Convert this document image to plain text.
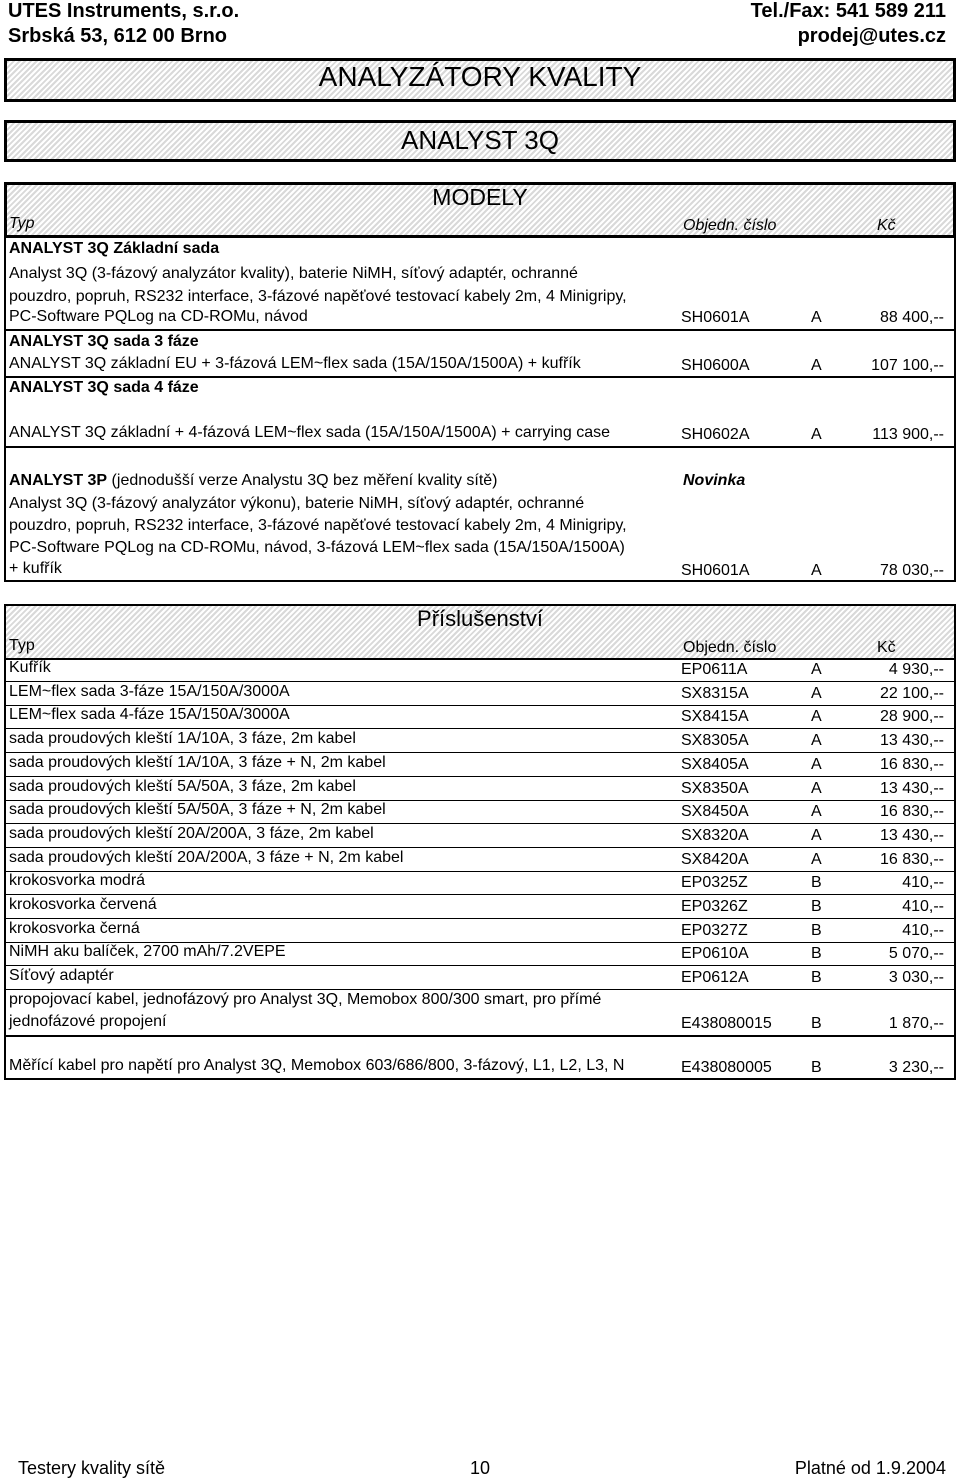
UTES Instruments, s.r.o.
Srbská 53, 612 00 Brno
Tel./Fax: 541 589 211
prodej@utes.cz
ANALYZÁTORY KVALITY
ANALYST 3Q
MODELY
Typ	Objedn. číslo	Kč
ANALYST 3Q Základní sada
Analyst 3Q (3-fázový analyzátor kvality), baterie NiMH, síťový adaptér, ochranné
pouzdro, popruh, RS232 interface, 3-fázové napěťové testovací kabely 2m, 4 Minigripy,
PC-Software PQLog na CD-ROMu, návod	SH0601A	A	88 400,--
ANALYST 3Q sada 3 fáze
ANALYST 3Q základní EU + 3-fázová LEM~flex sada (15A/150A/1500A) + kufřík	SH0600A	A	107 100,--
ANALYST 3Q sada 4 fáze
ANALYST 3Q základní + 4-fázová LEM~flex sada (15A/150A/1500A) + carrying case	SH0602A	A	113 900,--
ANALYST 3P (jednodušší verze Analystu 3Q bez měření kvality sítě)	Novinka
Analyst 3Q (3-fázový analyzátor výkonu), baterie NiMH, síťový adaptér, ochranné
pouzdro, popruh, RS232 interface, 3-fázové napěťové testovací kabely 2m, 4 Minigripy,
PC-Software PQLog na CD-ROMu, návod, 3-fázová LEM~flex sada (15A/150A/1500A)
+ kufřík	SH0601A	A	78 030,--
Příslušenství
Typ	Objedn. číslo	Kč
Kufřík	EP0611A	A	4 930,--
LEM~flex sada 3-fáze 15A/150A/3000A	SX8315A	A	22 100,--
LEM~flex sada 4-fáze 15A/150A/3000A	SX8415A	A	28 900,--
sada proudových kleští 1A/10A, 3 fáze, 2m kabel	SX8305A	A	13 430,--
sada proudových kleští 1A/10A, 3 fáze + N, 2m kabel	SX8405A	A	16 830,--
sada proudových kleští 5A/50A, 3 fáze, 2m kabel	SX8350A	A	13 430,--
sada proudových kleští 5A/50A, 3 fáze + N, 2m kabel	SX8450A	A	16 830,--
sada proudových kleští 20A/200A, 3 fáze, 2m kabel	SX8320A	A	13 430,--
sada proudových kleští 20A/200A, 3 fáze + N, 2m kabel	SX8420A	A	16 830,--
krokosvorka modrá	EP0325Z	B	410,--
krokosvorka červená	EP0326Z	B	410,--
krokosvorka černá	EP0327Z	B	410,--
NiMH aku balíček, 2700 mAh/7.2VEPE	EP0610A	B	5 070,--
Síťový adaptér	EP0612A	B	3 030,--
propojovací kabel, jednofázový pro Analyst 3Q, Memobox 800/300 smart, pro přímé
jednofázové propojení	E438080015 B	1 870,--
Měřící kabel pro napětí pro Analyst 3Q, Memobox 603/686/800, 3-fázový, L1, L2, L3, N	E438080005 B	3 230,--
Testery kvality sítě	10	Platné od 1.9.2004
